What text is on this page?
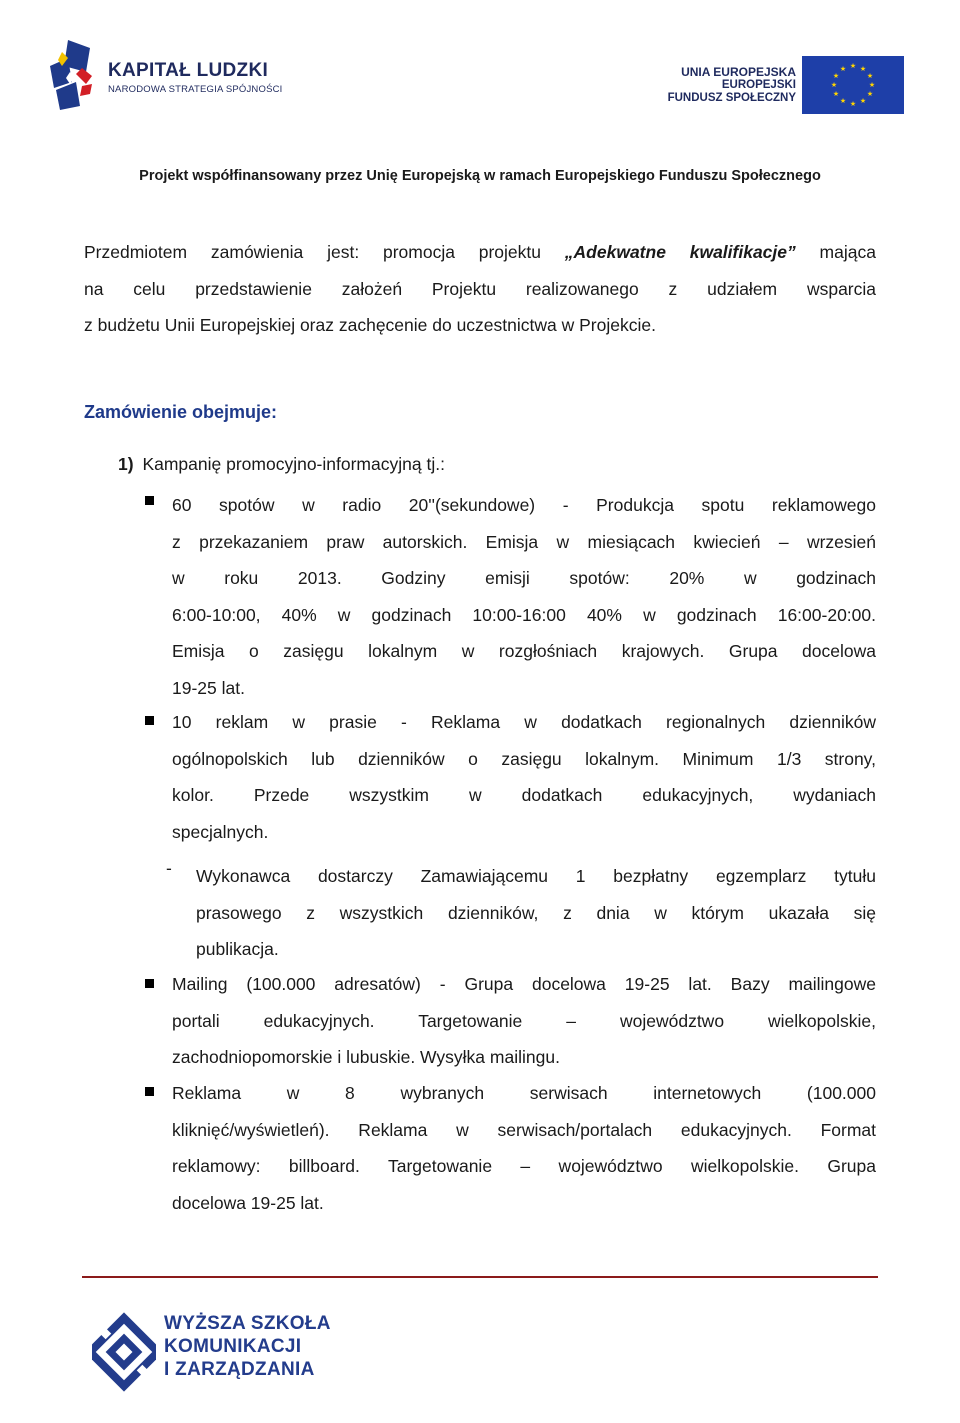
KAPITAŁ LUDZKI
NARODOWA STRATEGIA SPÓJNOŚCI
UNIA EUROPEJSKA
EUROPEJSKI
FUNDUSZ SPOŁECZNY
★ ★
★
★
★
★
★
★
★
★
★
★
Projekt współfinansowany przez Unię Europejską w ramach Europejskiego Funduszu Społecznego
Przedmiotem zamówienia jest: promocja projektu „Adekwatne kwalifikacje” mająca
na celu przedstawienie założeń Projektu realizowanego z udziałem wsparcia
z budżetu Unii Europejskiej oraz zachęcenie do uczestnictwa w Projekcie.
Zamówienie obejmuje:
1) Kampanię promocyjno-informacyjną tj.:
60 spotów w radio 20''(sekundowe) - Produkcja spotu reklamowego
z przekazaniem praw autorskich. Emisja w miesiącach kwiecień – wrzesień
w roku 2013. Godziny emisji spotów: 20% w godzinach
6:00-10:00, 40% w godzinach 10:00-16:00 40% w godzinach 16:00-20:00.
Emisja o zasięgu lokalnym w rozgłośniach krajowych. Grupa docelowa
19-25 lat.
10 reklam w prasie - Reklama w dodatkach regionalnych dzienników
ogólnopolskich lub dzienników o zasięgu lokalnym. Minimum 1/3 strony,
kolor. Przede wszystkim w dodatkach edukacyjnych, wydaniach
specjalnych.
- Wykonawca dostarczy Zamawiającemu 1 bezpłatny egzemplarz tytułu
prasowego z wszystkich dzienników, z dnia w którym ukazała się
publikacja.
Mailing (100.000 adresatów) - Grupa docelowa 19-25 lat. Bazy mailingowe
portali edukacyjnych. Targetowanie – województwo wielkopolskie,
zachodniopomorskie i lubuskie. Wysyłka mailingu.
Reklama w 8 wybranych serwisach internetowych (100.000
kliknięć/wyświetleń). Reklama w serwisach/portalach edukacyjnych. Format
reklamowy: billboard. Targetowanie – województwo wielkopolskie. Grupa
docelowa 19-25 lat.
WYŻSZA SZKOŁA
KOMUNIKACJI
I ZARZĄDZANIA
